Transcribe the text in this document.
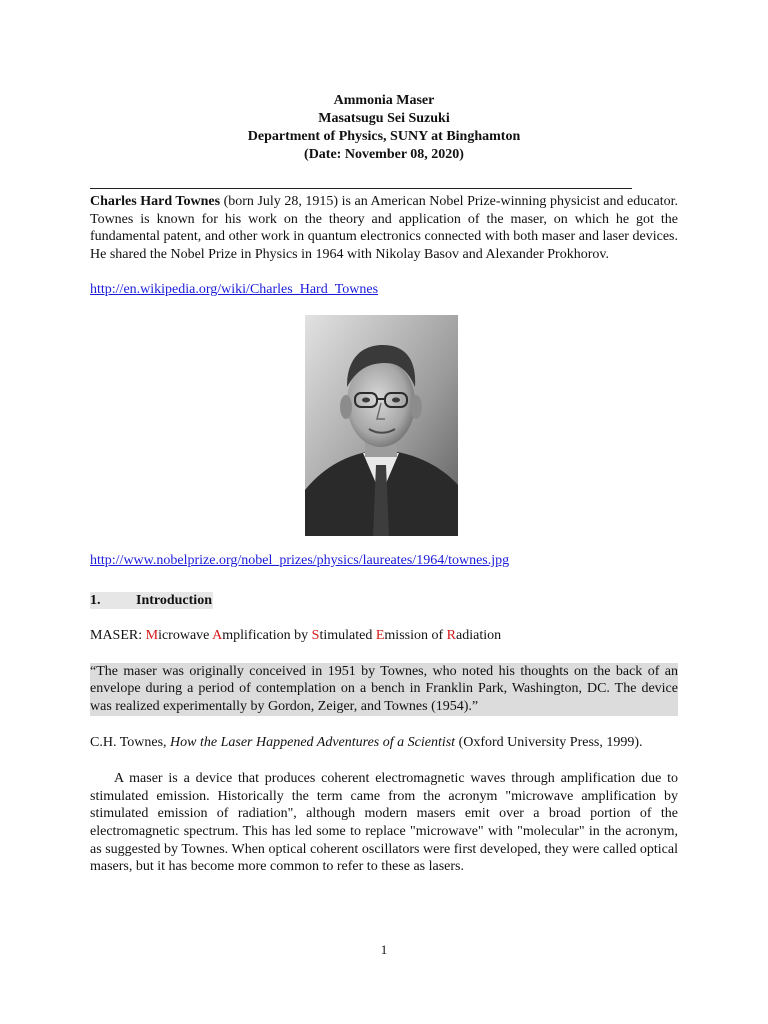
Ammonia Maser
Masatsugu Sei Suzuki
Department of Physics, SUNY at Binghamton
(Date: November 08, 2020)

Charles Hard Townes (born July 28, 1915) is an American Nobel Prize-winning physicist and educator. Townes is known for his work on the theory and application of the maser, on which he got the fundamental patent, and other work in quantum electronics connected with both maser and laser devices. He shared the Nobel Prize in Physics in 1964 with Nikolay Basov and Alexander Prokhorov.

http://en.wikipedia.org/wiki/Charles_Hard_Townes
http://www.nobelprize.org/nobel_prizes/physics/laureates/1964/townes.jpg
1.	Introduction
MASER: Microwave Amplification by Stimulated Emission of Radiation
“The maser was originally conceived in 1951 by Townes, who noted his thoughts on the back of an envelope during a period of contemplation on a bench in Franklin Park, Washington, DC. The device was realized experimentally by Gordon, Zeiger, and Townes (1954).”
C.H. Townes, How the Laser Happened Adventures of a Scientist (Oxford University Press, 1999).

A maser is a device that produces coherent electromagnetic waves through amplification due to stimulated emission. Historically the term came from the acronym "microwave amplification by stimulated emission of radiation", although modern masers emit over a broad portion of the electromagnetic spectrum. This has led some to replace "microwave" with "molecular" in the acronym, as suggested by Townes. When optical coherent oscillators were first developed, they were called optical masers, but it has become more common to refer to these as lasers.

1
